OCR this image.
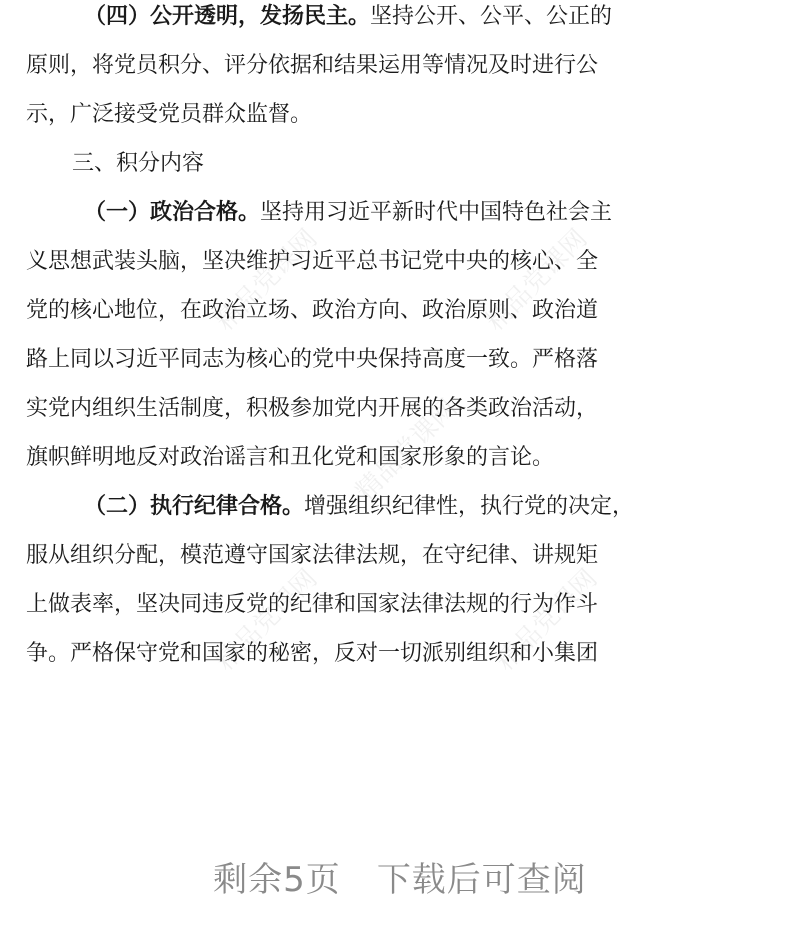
精品党课网	精品党课网
精品党课网
精品党课网	精品党课网
（四）公开透明，发扬民主。坚持公开、公平、公正的
原则，将党员积分、评分依据和结果运用等情况及时进行公
示，广泛接受党员群众监督。
三、积分内容
（一）政治合格。坚持用习近平新时代中国特色社会主
义思想武装头脑，坚决维护习近平总书记党中央的核心、全
党的核心地位，在政治立场、政治方向、政治原则、政治道
路上同以习近平同志为核心的党中央保持高度一致。严格落
实党内组织生活制度，积极参加党内开展的各类政治活动，
旗帜鲜明地反对政治谣言和丑化党和国家形象的言论。
（二）执行纪律合格。增强组织纪律性，执行党的决定，
服从组织分配，模范遵守国家法律法规，在守纪律、讲规矩
上做表率，坚决同违反党的纪律和国家法律法规的行为作斗
争。严格保守党和国家的秘密，反对一切派别组织和小集团
剩余5页 下载后可查阅
